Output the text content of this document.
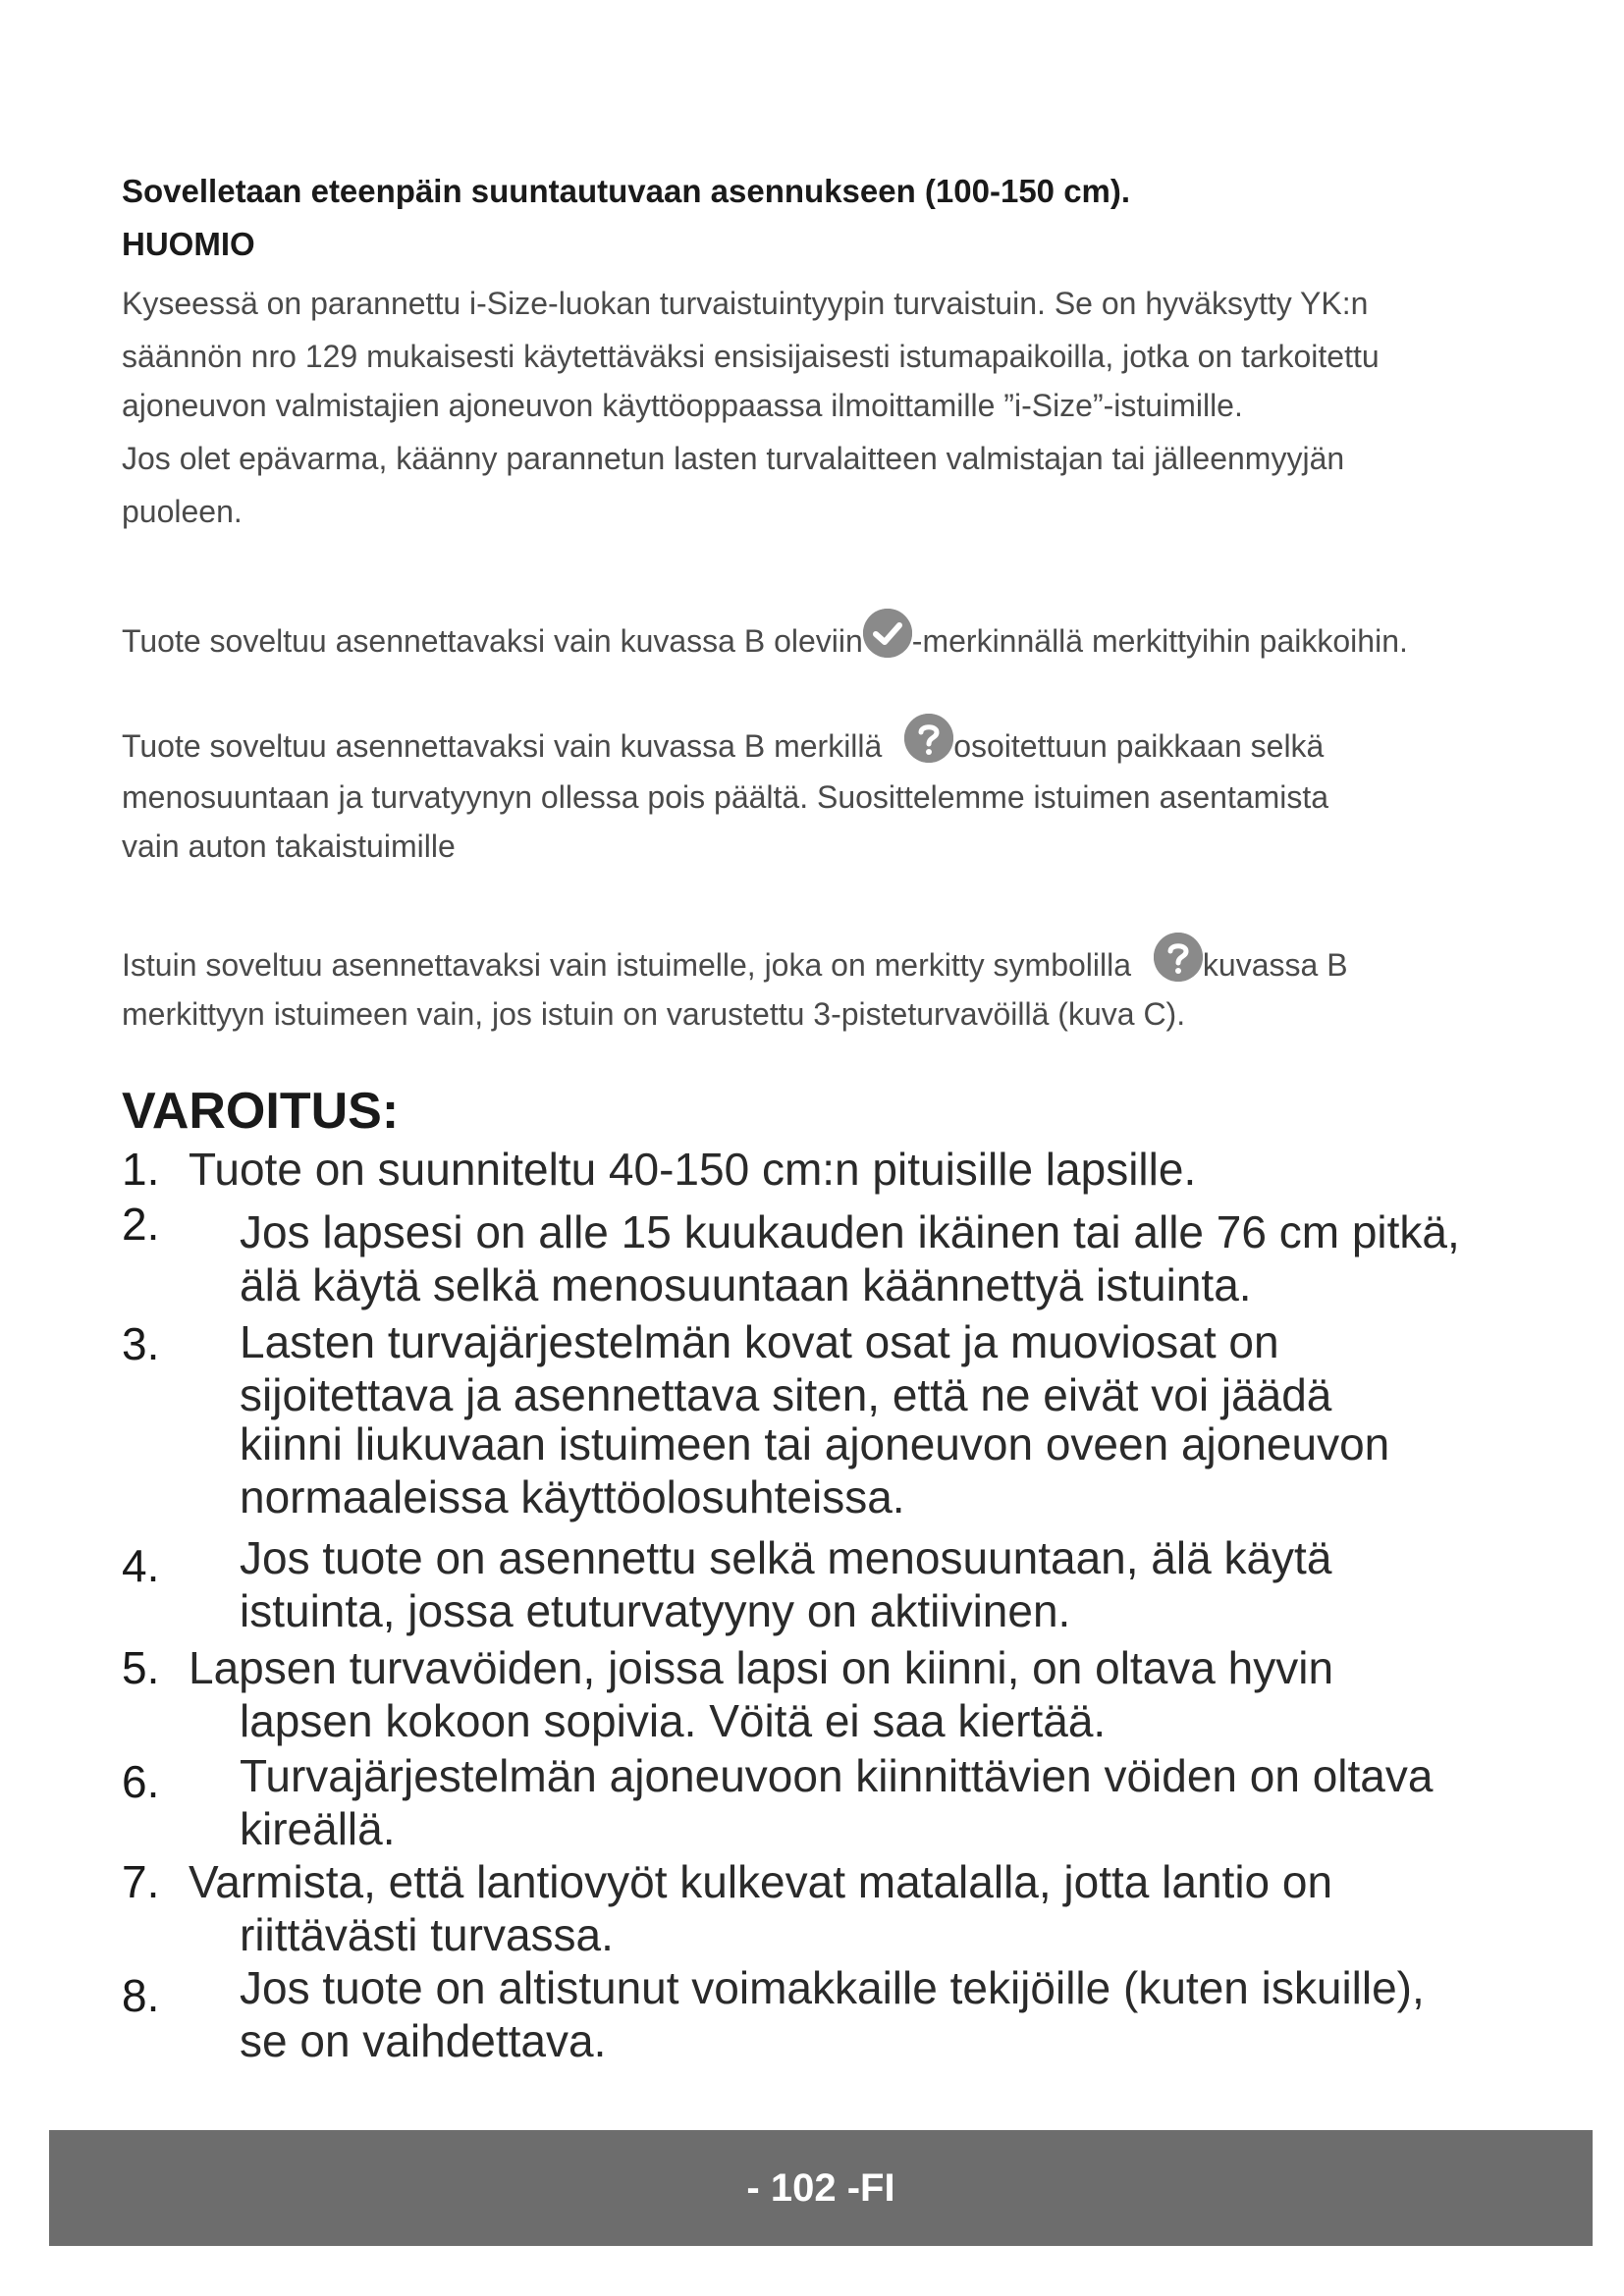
Sovelletaan eteenpäin suuntautuvaan asennukseen (100-150 cm).
HUOMIO
Kyseessä on parannettu i-Size-luokan turvaistuintyypin turvaistuin. Se on hyväksytty YK:n
säännön nro 129 mukaisesti käytettäväksi ensisijaisesti istumapaikoilla, jotka on tarkoitettu
ajoneuvon valmistajien ajoneuvon käyttöoppaassa ilmoittamille ”i-Size”-istuimille.
Jos olet epävarma, käänny parannetun lasten turvalaitteen valmistajan tai jälleenmyyjän
puoleen.
Tuote soveltuu asennettavaksi vain kuvassa B oleviin -merkinnällä merkittyihin paikkoihin.
Tuote soveltuu asennettavaksi vain kuvassa B merkillä osoitettuun paikkaan selkä
menosuuntaan ja turvatyynyn ollessa pois päältä. Suosittelemme istuimen asentamista
vain auton takaistuimille
Istuin soveltuu asennettavaksi vain istuimelle, joka on merkitty symbolilla kuvassa B
merkittyyn istuimeen vain, jos istuin on varustettu 3-pisteturvavöillä (kuva C).
VAROITUS:
1. Tuote on suunniteltu 40-150 cm:n pituisille lapsille.
2. Jos lapsesi on alle 15 kuukauden ikäinen tai alle 76 cm pitkä,
älä käytä selkä menosuuntaan käännettyä istuinta.
3. Lasten turvajärjestelmän kovat osat ja muoviosat on
sijoitettava ja asennettava siten, että ne eivät voi jäädä
kiinni liukuvaan istuimeen tai ajoneuvon oveen ajoneuvon
normaaleissa käyttöolosuhteissa.
4. Jos tuote on asennettu selkä menosuuntaan, älä käytä
istuinta, jossa etuturvatyyny on aktiivinen.
5. Lapsen turvavöiden, joissa lapsi on kiinni, on oltava hyvin
lapsen kokoon sopivia. Vöitä ei saa kiertää.
6. Turvajärjestelmän ajoneuvoon kiinnittävien vöiden on oltava
kireällä.
7. Varmista, että lantiovyöt kulkevat matalalla, jotta lantio on
riittävästi turvassa.
8. Jos tuote on altistunut voimakkaille tekijöille (kuten iskuille),
se on vaihdettava.
- 102 -FI
